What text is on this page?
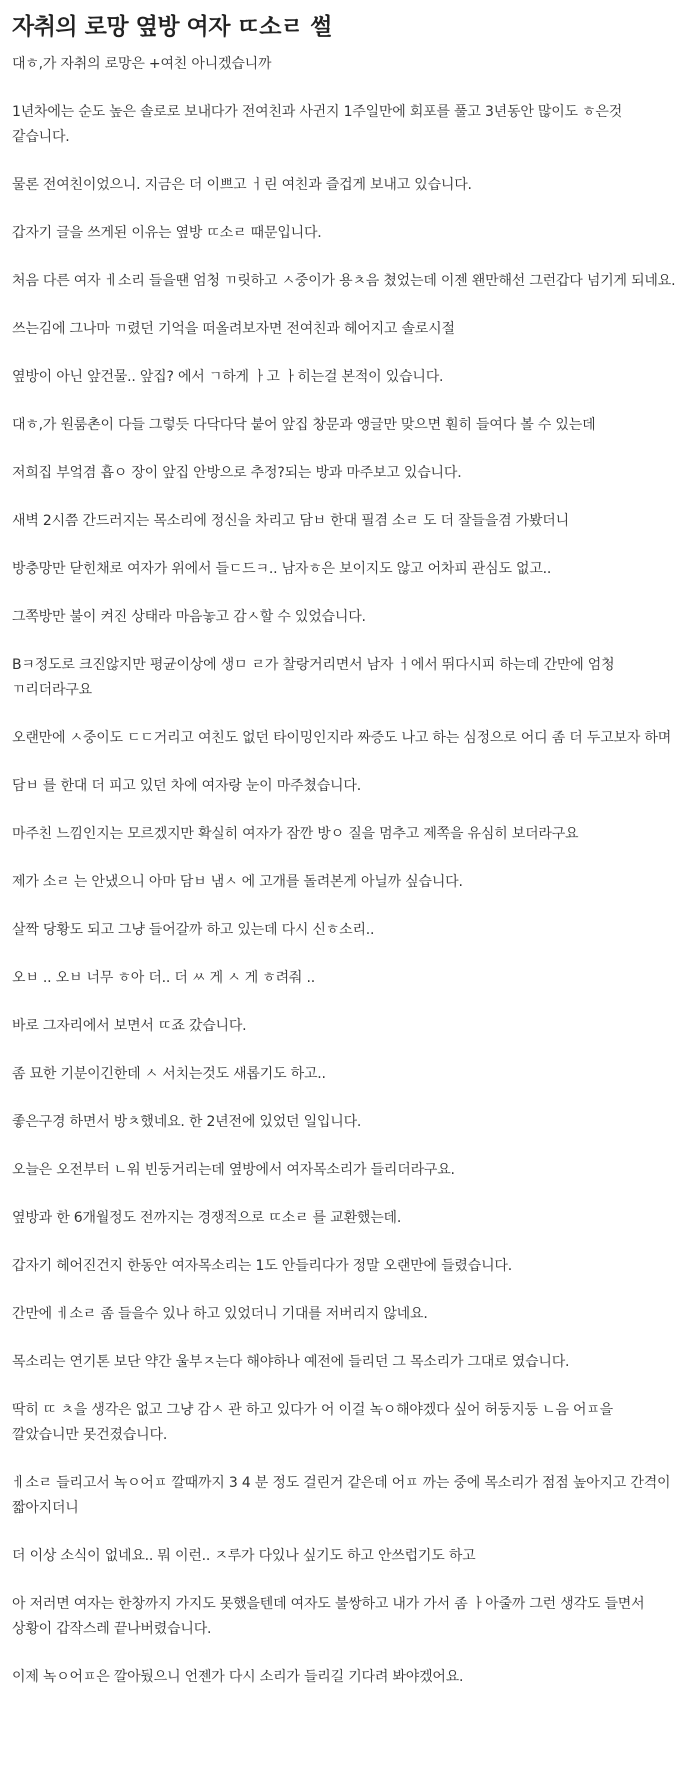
자취의 로망 옆방 여자 ㄸ소ㄹ 썰

대ㅎ,가 자취의 로망은 +여친 아니겠습니까

1년차에는 순도 높은 솔로로 보내다가 전여친과 사귄지 1주일만에 회포를 풀고 3년동안 많이도 ㅎ은것 같습니다.

물론 전여친이었으니. 지금은 더 이쁘고 ㅓ린 여친과 즐겁게 보내고 있습니다.

갑자기 글을 쓰게된 이유는 옆방 ㄸ소ㄹ 때문입니다.

처음 다른 여자 ㅔ소리 들을땐 엄청 ㄲ릿하고 ㅅ중이가 용ㅊ음 쳤었는데 이젠 왠만해선 그런갑다 넘기게 되네요.

쓰는김에 그나마 ㄲ렸던 기억을 떠올려보자면 전여친과 헤어지고 솔로시절

옆방이 아닌 앞건물.. 앞집? 에서 ㄱ하게 ㅏ고 ㅏ히는걸 본적이 있습니다.

대ㅎ,가 원룸촌이 다들 그렇듯 다닥다닥 붙어 앞집 창문과 앵글만 맞으면 훤히 들여다 볼 수 있는데

저희집 부엌겸 흡ㅇ 장이 앞집 안방으로 추정?되는 방과 마주보고 있습니다.

새벽 2시쯤 간드러지는 목소리에 정신을 차리고 담ㅂ 한대 필겸 소ㄹ 도 더 잘들을겸 가봤더니

방충망만 닫힌채로 여자가 위에서 들ㄷ드ㅋ.. 남자ㅎ은 보이지도 않고 어차피 관심도 없고..

그쪽방만 불이 켜진 상태라 마음놓고 감ㅅ할 수 있었습니다.

Bㅋ정도로 크진않지만 평균이상에 생ㅁ ㄹ가 찰랑거리면서 남자 ㅓ에서 뛰다시피 하는데 간만에 엄청 ㄲ리더라구요

오랜만에 ㅅ중이도 ㄷㄷ거리고 여친도 없던 타이밍인지라 짜증도 나고 하는 심정으로 어디 좀 더 두고보자 하며

담ㅂ 를 한대 더 피고 있던 차에 여자랑 눈이 마주쳤습니다.

마주친 느낌인지는 모르겠지만 확실히 여자가 잠깐 방ㅇ 질을 멈추고 제쪽을 유심히 보더라구요

제가 소ㄹ 는 안냈으니 아마 담ㅂ 냄ㅅ 에 고개를 돌려본게 아닐까 싶습니다.

살짝 당황도 되고 그냥 들어갈까 하고 있는데 다시 신ㅎ소리..

오ㅂ .. 오ㅂ 너무 ㅎ아 더.. 더 ㅆ 게 ㅅ 게 ㅎ려줘 ..

바로 그자리에서 보면서 ㄸ죠 갔습니다.

좀 묘한 기분이긴한데 ㅅ 서치는것도 새롭기도 하고..

좋은구경 하면서 방ㅊ했네요. 한 2년전에 있었던 일입니다.

오늘은 오전부터 ㄴ워 빈둥거리는데 옆방에서 여자목소리가 들리더라구요.

옆방과 한 6개월정도 전까지는 경쟁적으로 ㄸ소ㄹ 를 교환했는데.

갑자기 헤어진건지 한동안 여자목소리는 1도 안들리다가 정말 오랜만에 들렸습니다.

간만에 ㅔ소ㄹ 좀 들을수 있나 하고 있었더니 기대를 저버리지 않네요.

목소리는 연기톤 보단 약간 울부ㅈ는다 해야하나 예전에 들리던 그 목소리가 그대로 였습니다.

딱히 ㄸ ㅊ을 생각은 없고 그냥 감ㅅ 관 하고 있다가 어 이걸 녹ㅇ해야겠다 싶어 허둥지둥 ㄴ음 어ㅍ을 깔았습니만 못건졌습니다.

ㅔ소ㄹ 들리고서 녹ㅇ어ㅍ 깔때까지 3 4 분 정도 걸린거 같은데 어ㅍ 까는 중에 목소리가 점점 높아지고 간격이 짧아지더니

더 이상 소식이 없네요.. 뭐 이런.. ㅈ루가 다있나 싶기도 하고 안쓰럽기도 하고

아 저러면 여자는 한창까지 가지도 못했을텐데 여자도 불쌍하고 내가 가서 좀 ㅏ아줄까 그런 생각도 들면서 상황이 갑작스레 끝나버렸습니다.

이제 녹ㅇ어ㅍ은 깔아뒀으니 언젠가 다시 소리가 들리길 기다려 봐야겠어요.
